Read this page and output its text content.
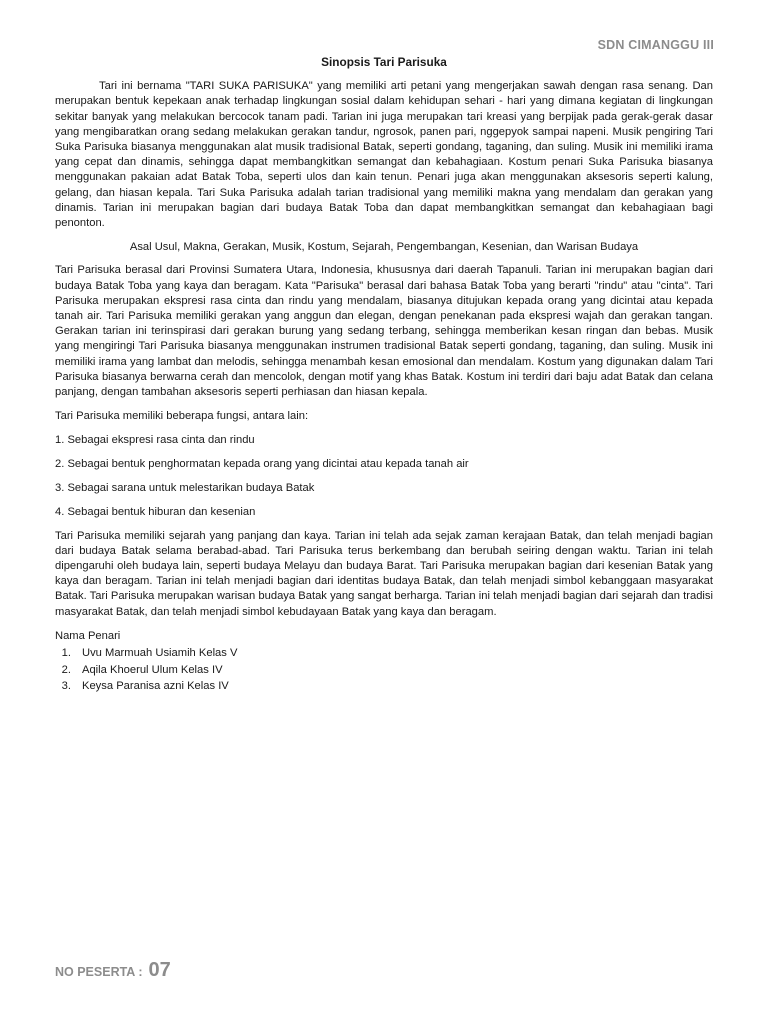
SDN CIMANGGU III

Sinopsis Tari Parisuka

Tari ini bernama "TARI SUKA PARISUKA" yang memiliki arti petani yang mengerjakan sawah dengan rasa senang. Dan merupakan bentuk kepekaan anak terhadap lingkungan sosial dalam kehidupan sehari - hari yang dimana kegiatan di lingkungan sekitar banyak yang melakukan bercocok tanam padi. Tarian ini juga merupakan tari kreasi yang berpijak pada gerak-gerak dasar yang mengibaratkan orang sedang melakukan gerakan tandur, ngrosok, panen pari, nggepyok sampai napeni. Musik pengiring Tari Suka Parisuka biasanya menggunakan alat musik tradisional Batak, seperti gondang, taganing, dan suling. Musik ini memiliki irama yang cepat dan dinamis, sehingga dapat membangkitkan semangat dan kebahagiaan. Kostum penari Suka Parisuka biasanya menggunakan pakaian adat Batak Toba, seperti ulos dan kain tenun. Penari juga akan menggunakan aksesoris seperti kalung, gelang, dan hiasan kepala. Tari Suka Parisuka adalah tarian tradisional yang memiliki makna yang mendalam dan gerakan yang dinamis. Tarian ini merupakan bagian dari budaya Batak Toba dan dapat membangkitkan semangat dan kebahagiaan bagi penonton.

Asal Usul, Makna, Gerakan, Musik, Kostum, Sejarah, Pengembangan, Kesenian, dan Warisan Budaya

Tari Parisuka berasal dari Provinsi Sumatera Utara, Indonesia, khususnya dari daerah Tapanuli. Tarian ini merupakan bagian dari budaya Batak Toba yang kaya dan beragam. Kata "Parisuka" berasal dari bahasa Batak Toba yang berarti "rindu" atau "cinta". Tari Parisuka merupakan ekspresi rasa cinta dan rindu yang mendalam, biasanya ditujukan kepada orang yang dicintai atau kepada tanah air. Tari Parisuka memiliki gerakan yang anggun dan elegan, dengan penekanan pada ekspresi wajah dan gerakan tangan. Gerakan tarian ini terinspirasi dari gerakan burung yang sedang terbang, sehingga memberikan kesan ringan dan bebas. Musik yang mengiringi Tari Parisuka biasanya menggunakan instrumen tradisional Batak seperti gondang, taganing, dan suling. Musik ini memiliki irama yang lambat dan melodis, sehingga menambah kesan emosional dan mendalam. Kostum yang digunakan dalam Tari Parisuka biasanya berwarna cerah dan mencolok, dengan motif yang khas Batak. Kostum ini terdiri dari baju adat Batak dan celana panjang, dengan tambahan aksesoris seperti perhiasan dan hiasan kepala.

Tari Parisuka memiliki beberapa fungsi, antara lain:

1. Sebagai ekspresi rasa cinta dan rindu

2. Sebagai bentuk penghormatan kepada orang yang dicintai atau kepada tanah air

3. Sebagai sarana untuk melestarikan budaya Batak

4. Sebagai bentuk hiburan dan kesenian

Tari Parisuka memiliki sejarah yang panjang dan kaya. Tarian ini telah ada sejak zaman kerajaan Batak, dan telah menjadi bagian dari budaya Batak selama berabad-abad. Tari Parisuka terus berkembang dan berubah seiring dengan waktu. Tarian ini telah dipengaruhi oleh budaya lain, seperti budaya Melayu dan budaya Barat. Tari Parisuka merupakan bagian dari kesenian Batak yang kaya dan beragam. Tarian ini telah menjadi bagian dari identitas budaya Batak, dan telah menjadi simbol kebanggaan masyarakat Batak. Tari Parisuka merupakan warisan budaya Batak yang sangat berharga. Tarian ini telah menjadi bagian dari sejarah dan tradisi masyarakat Batak, dan telah menjadi simbol kebudayaan Batak yang kaya dan beragam.

Nama Penari

1. Uvu Marmuah Usiamih Kelas V
2. Aqila Khoerul Ulum Kelas IV
3. Keysa Paranisa azni Kelas IV
NO PESERTA : 07
